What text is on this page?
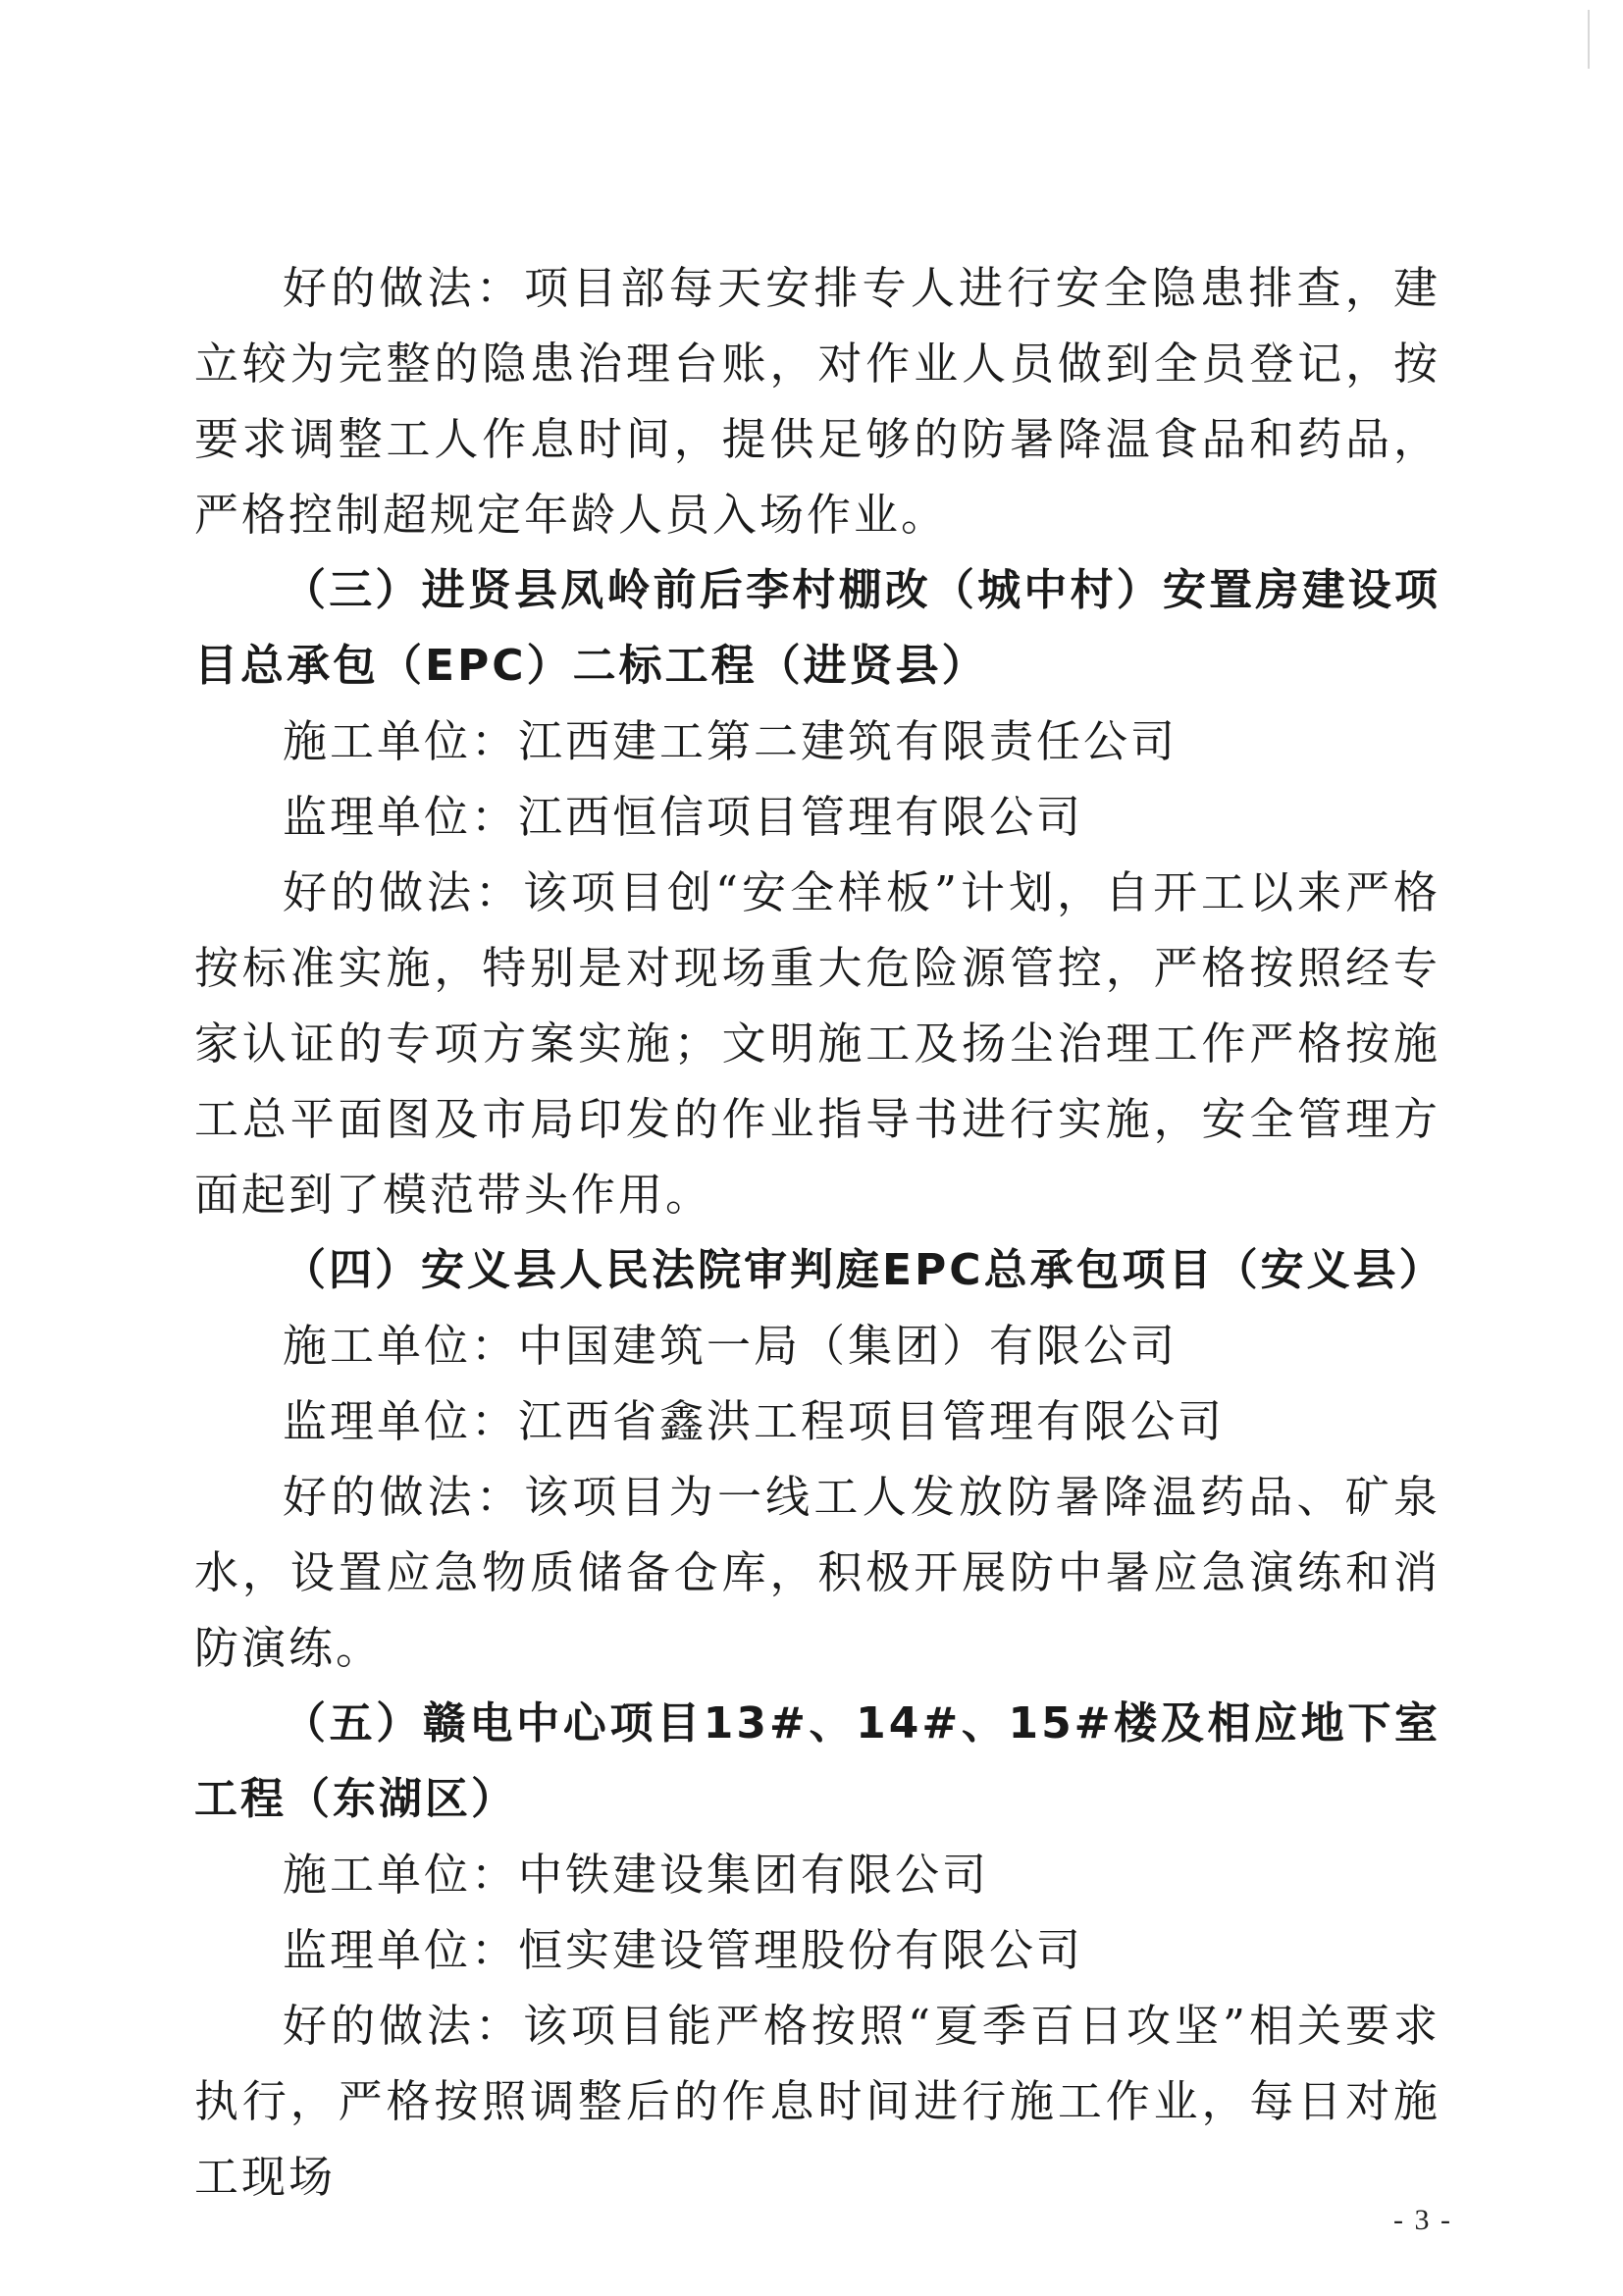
好的做法：项目部每天安排专人进行安全隐患排查，建立较为完整的隐患治理台账，对作业人员做到全员登记，按要求调整工人作息时间，提供足够的防暑降温食品和药品，严格控制超规定年龄人员入场作业。

（三）进贤县凤岭前后李村棚改（城中村）安置房建设项目总承包（EPC）二标工程（进贤县）

施工单位：江西建工第二建筑有限责任公司

监理单位：江西恒信项目管理有限公司

好的做法：该项目创“安全样板”计划，自开工以来严格按标准实施，特别是对现场重大危险源管控，严格按照经专家认证的专项方案实施；文明施工及扬尘治理工作严格按施工总平面图及市局印发的作业指导书进行实施，安全管理方面起到了模范带头作用。

（四）安义县人民法院审判庭EPC总承包项目（安义县）

施工单位：中国建筑一局（集团）有限公司

监理单位：江西省鑫洪工程项目管理有限公司

好的做法：该项目为一线工人发放防暑降温药品、矿泉水，设置应急物质储备仓库，积极开展防中暑应急演练和消防演练。

（五）赣电中心项目13#、14#、15#楼及相应地下室工程（东湖区）

施工单位：中铁建设集团有限公司

监理单位：恒实建设管理股份有限公司

好的做法：该项目能严格按照“夏季百日攻坚”相关要求执行，严格按照调整后的作息时间进行施工作业，每日对施工现场

- 3 -
